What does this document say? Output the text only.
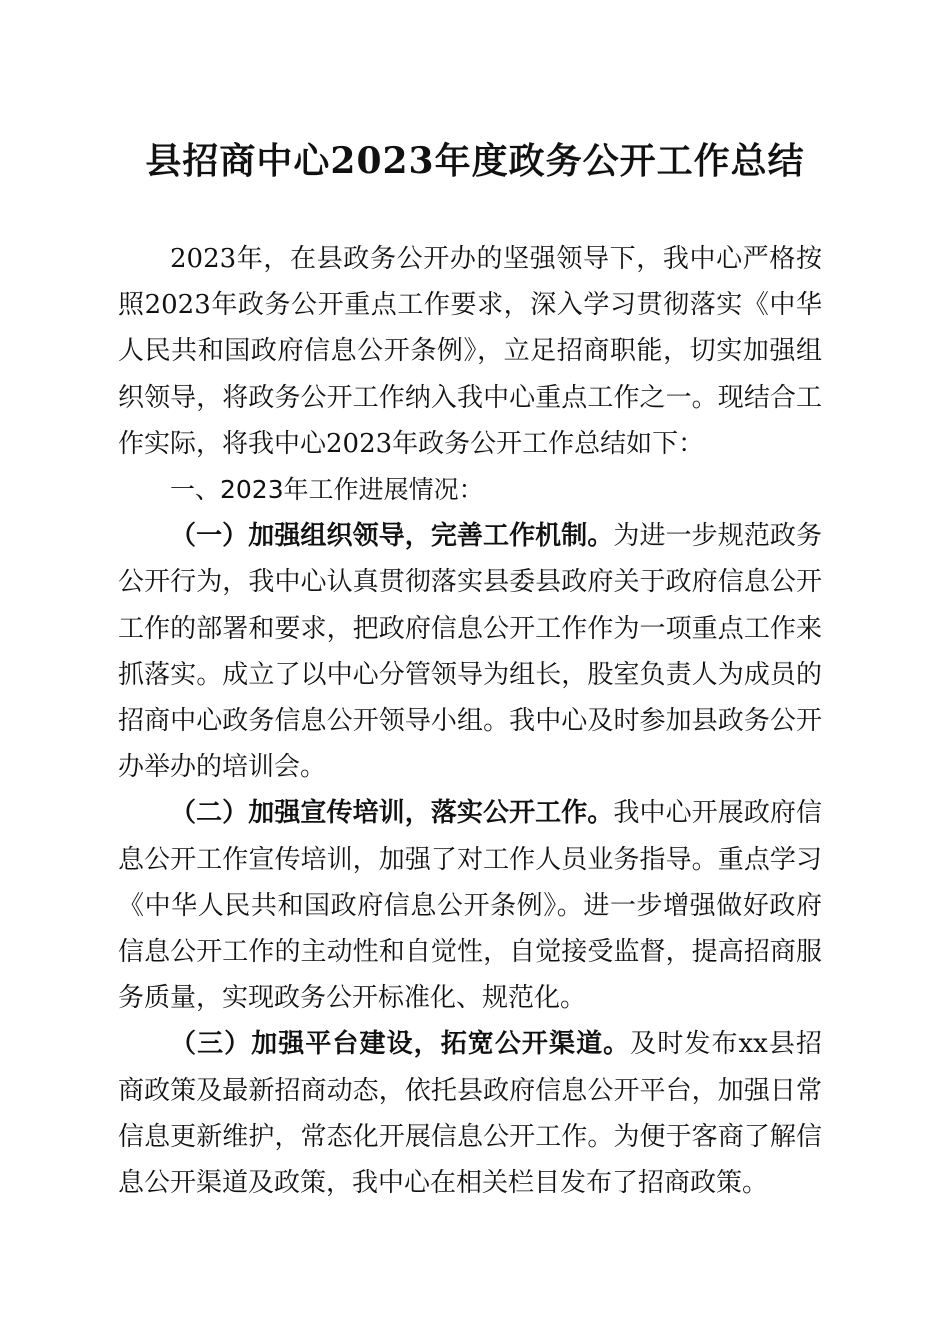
县招商中心2023年度政务公开工作总结

2023年，在县政务公开办的坚强领导下，我中心严格按照2023年政务公开重点工作要求，深入学习贯彻落实《中华人民共和国政府信息公开条例》，立足招商职能，切实加强组织领导，将政务公开工作纳入我中心重点工作之一。现结合工作实际，将我中心2023年政务公开工作总结如下：

一、2023年工作进展情况：

（一）加强组织领导，完善工作机制。为进一步规范政务公开行为，我中心认真贯彻落实县委县政府关于政府信息公开工作的部署和要求，把政府信息公开工作作为一项重点工作来抓落实。成立了以中心分管领导为组长，股室负责人为成员的招商中心政务信息公开领导小组。我中心及时参加县政务公开办举办的培训会。

（二）加强宣传培训，落实公开工作。我中心开展政府信息公开工作宣传培训，加强了对工作人员业务指导。重点学习《中华人民共和国政府信息公开条例》。进一步增强做好政府信息公开工作的主动性和自觉性，自觉接受监督，提高招商服务质量，实现政务公开标准化、规范化。

（三）加强平台建设，拓宽公开渠道。及时发布xx县招商政策及最新招商动态，依托县政府信息公开平台，加强日常信息更新维护，常态化开展信息公开工作。为便于客商了解信息公开渠道及政策，我中心在相关栏目发布了招商政策。
